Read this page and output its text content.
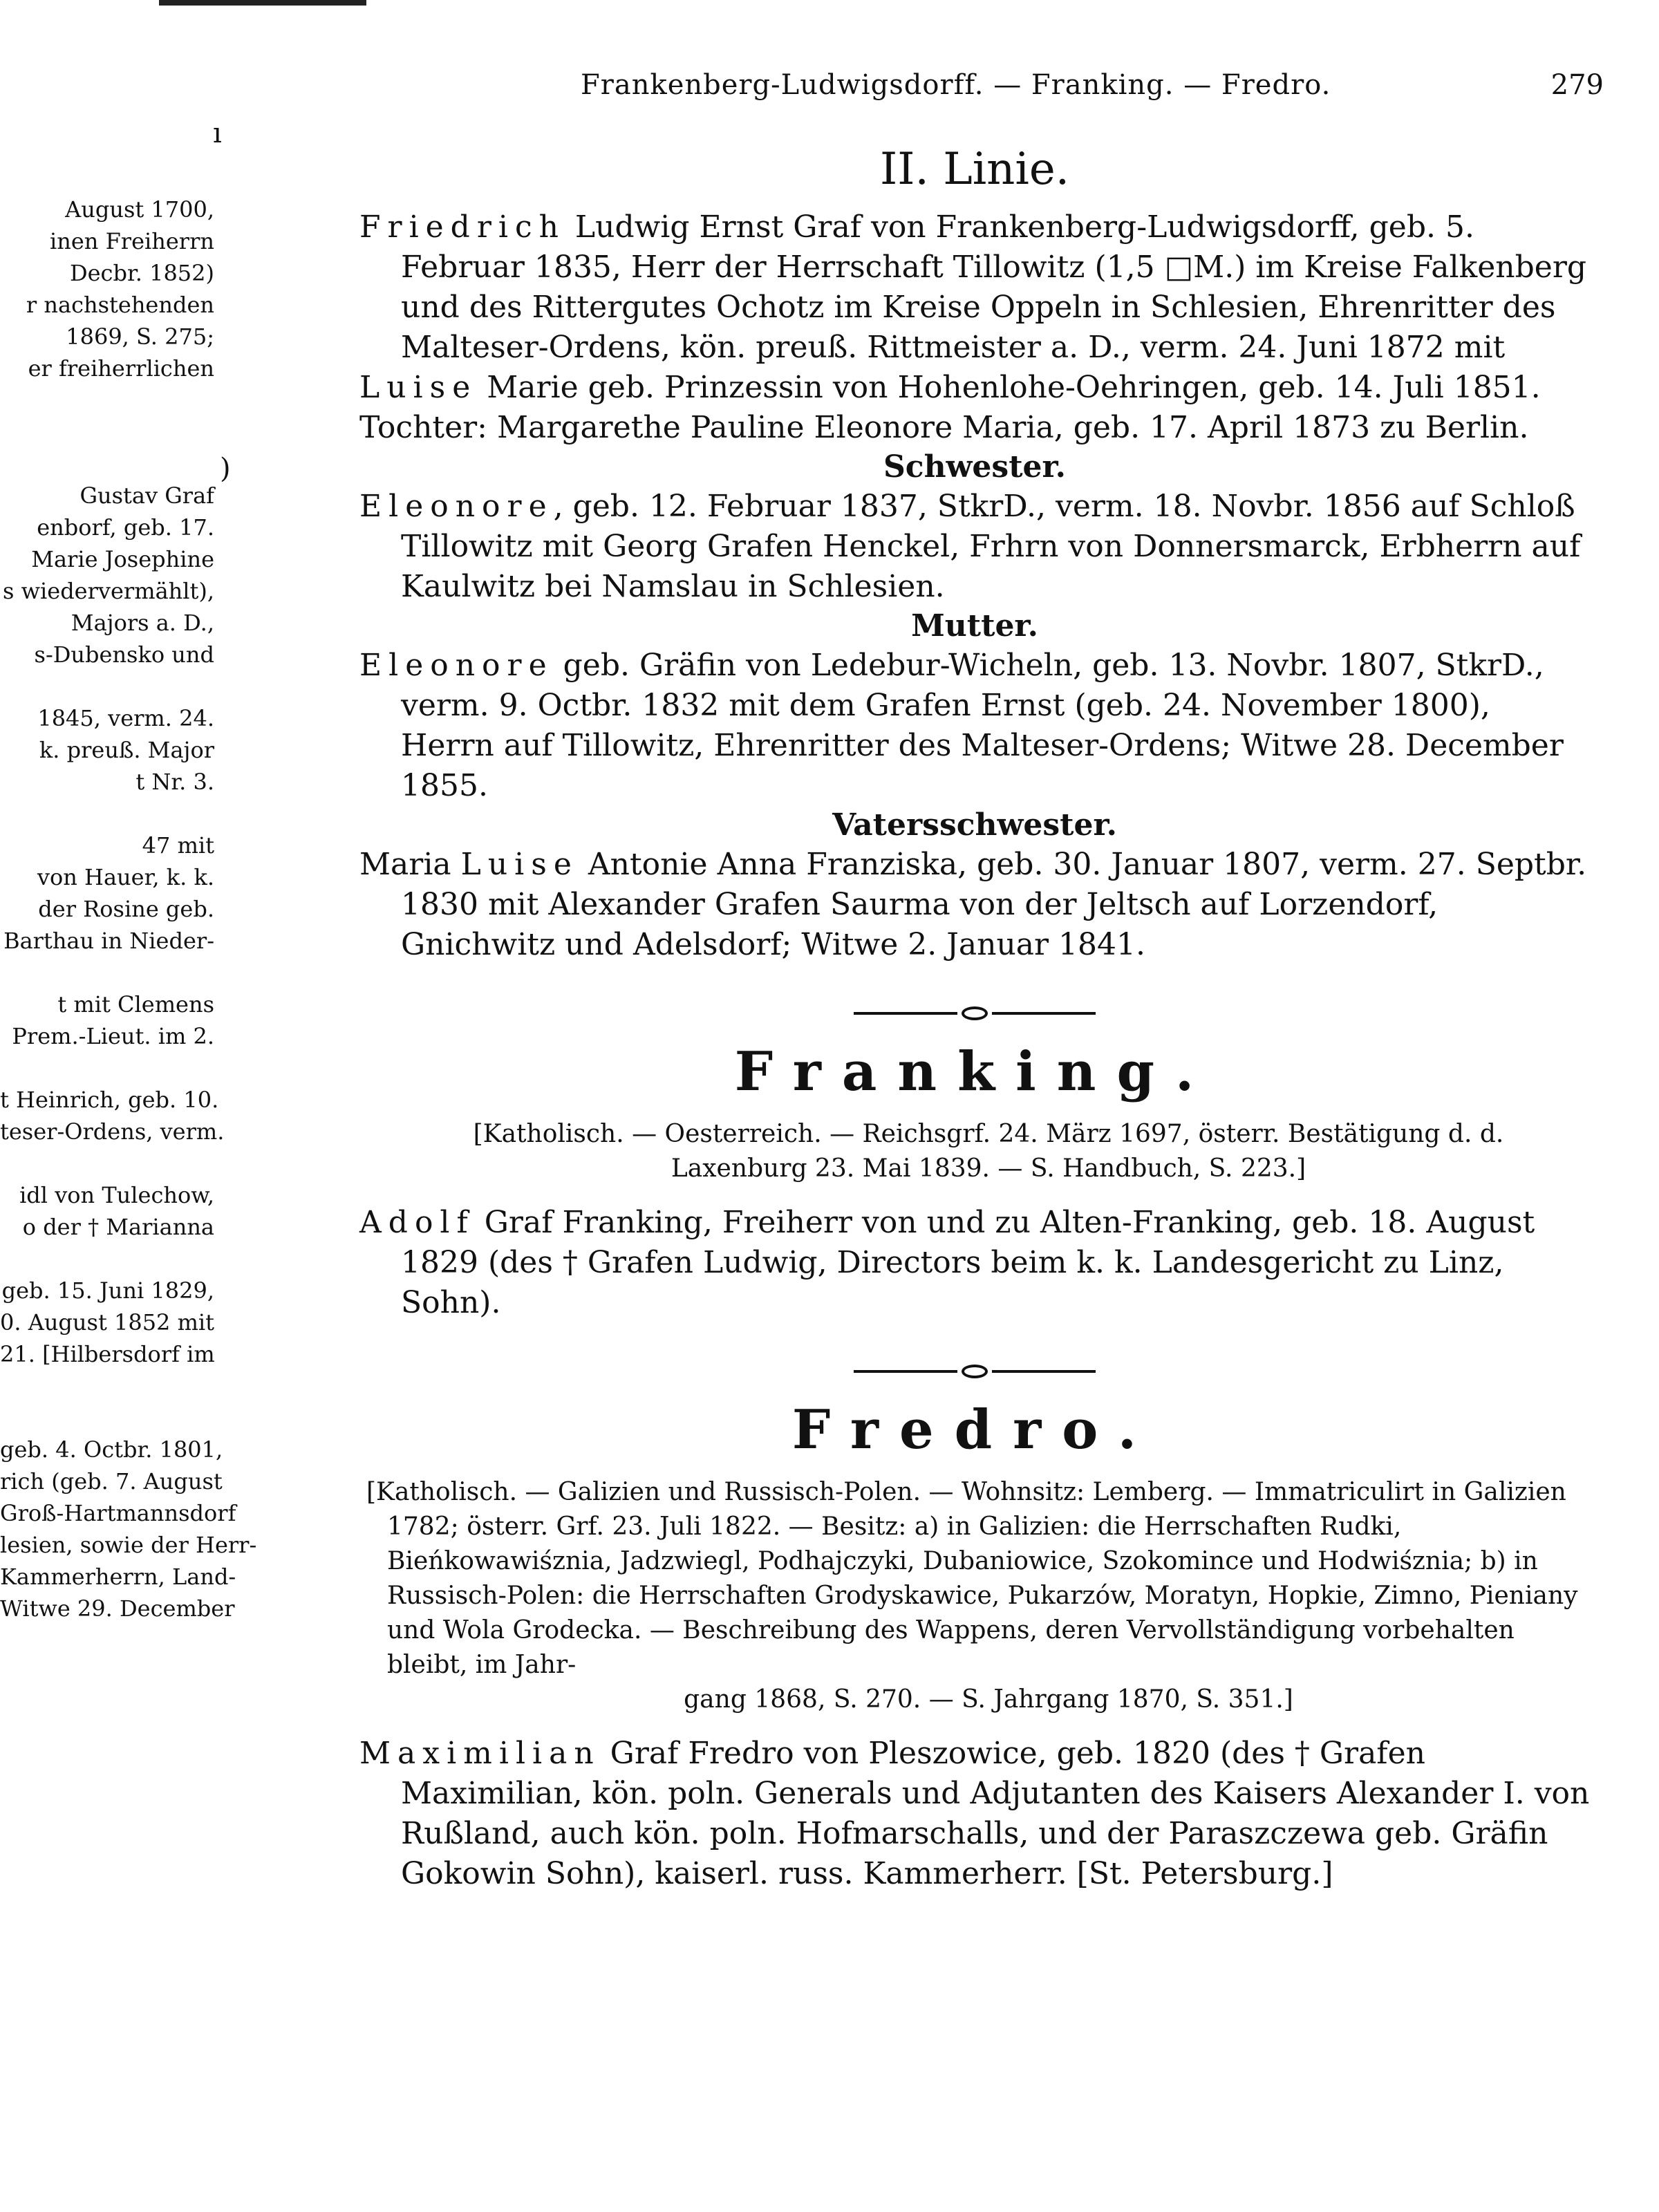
August 1700,
inen Freiherrn
Decbr. 1852)
r nachstehenden
1869, S. 275;
er freiherrlichen

Gustav Graf
enborf, geb. 17.
Marie Josephine
s wiedervermählt),
Majors a. D.,
s-Dubensko und

1845, verm. 24.
k. preuß. Major
t Nr. 3.

47 mit
von Hauer, k. k.
der Rosine geb.
Barthau in Nieder-

t mit Clemens
Prem.-Lieut. im 2.

t Heinrich, geb. 10.
teser-Ordens, verm.

idl von Tulechow,
o der † Marianna

geb. 15. Juni 1829,
0. August 1852 mit
21. [Hilbersdorf im

geb. 4. Octbr. 1801,
rich (geb. 7. August
Groß-Hartmannsdorf
lesien, sowie der Herr-
Kammerherrn, Land-
Witwe 29. December
ı
)
Frankenberg-Ludwigsdorff. — Franking. — Fredro.	279
II. Linie.

Friedrich Ludwig Ernst Graf von Frankenberg-Ludwigsdorff, geb. 5. Februar 1835, Herr der Herrschaft Tillowitz (1,5 □M.) im Kreise Falkenberg und des Rittergutes Ochotz im Kreise Oppeln in Schlesien, Ehrenritter des Malteser-Ordens, kön. preuß. Rittmeister a. D., verm. 24. Juni 1872 mit

Luise Marie geb. Prinzessin von Hohenlohe-Oehringen, geb. 14. Juli 1851.

Tochter: Margarethe Pauline Eleonore Maria, geb. 17. April 1873 zu Berlin.

Schwester.

Eleonore, geb. 12. Februar 1837, StkrD., verm. 18. Novbr. 1856 auf Schloß Tillowitz mit Georg Grafen Henckel, Frhrn von Donnersmarck, Erbherrn auf Kaulwitz bei Namslau in Schlesien.

Mutter.

Eleonore geb. Gräfin von Ledebur-Wicheln, geb. 13. Novbr. 1807, StkrD., verm. 9. Octbr. 1832 mit dem Grafen Ernst (geb. 24. November 1800), Herrn auf Tillowitz, Ehrenritter des Malteser-Ordens; Witwe 28. December 1855.

Vatersschwester.

Maria Luise Antonie Anna Franziska, geb. 30. Januar 1807, verm. 27. Septbr. 1830 mit Alexander Grafen Saurma von der Jeltsch auf Lorzendorf, Gnichwitz und Adelsdorf; Witwe 2. Januar 1841.

Franking.

[Katholisch. — Oesterreich. — Reichsgrf. 24. März 1697, österr. Bestätigung d. d.
Laxenburg 23. Mai 1839. — S. Handbuch, S. 223.]

Adolf Graf Franking, Freiherr von und zu Alten-Franking, geb. 18. August 1829 (des † Grafen Ludwig, Directors beim k. k. Landesgericht zu Linz, Sohn).

Fredro.

[Katholisch. — Galizien und Russisch-Polen. — Wohnsitz: Lemberg. — Immatriculirt in Galizien 1782; österr. Grf. 23. Juli 1822. — Besitz: a) in Galizien: die Herrschaften Rudki, Bieńkowawiśznia, Jadzwiegl, Podhajczyki, Dubaniowice, Szokomince und Hodwiśznia; b) in Russisch-Polen: die Herrschaften Grodyskawice, Pukarzów, Moratyn, Hopkie, Zimno, Pieniany und Wola Grodecka. — Beschreibung des Wappens, deren Vervollständigung vorbehalten bleibt, im Jahr-
gang 1868, S. 270. — S. Jahrgang 1870, S. 351.]

Maximilian Graf Fredro von Pleszowice, geb. 1820 (des † Grafen Maximilian, kön. poln. Generals und Adjutanten des Kaisers Alexander I. von Rußland, auch kön. poln. Hofmarschalls, und der Paraszczewa geb. Gräfin Gokowin Sohn), kaiserl. russ. Kammerherr. [St. Petersburg.]
